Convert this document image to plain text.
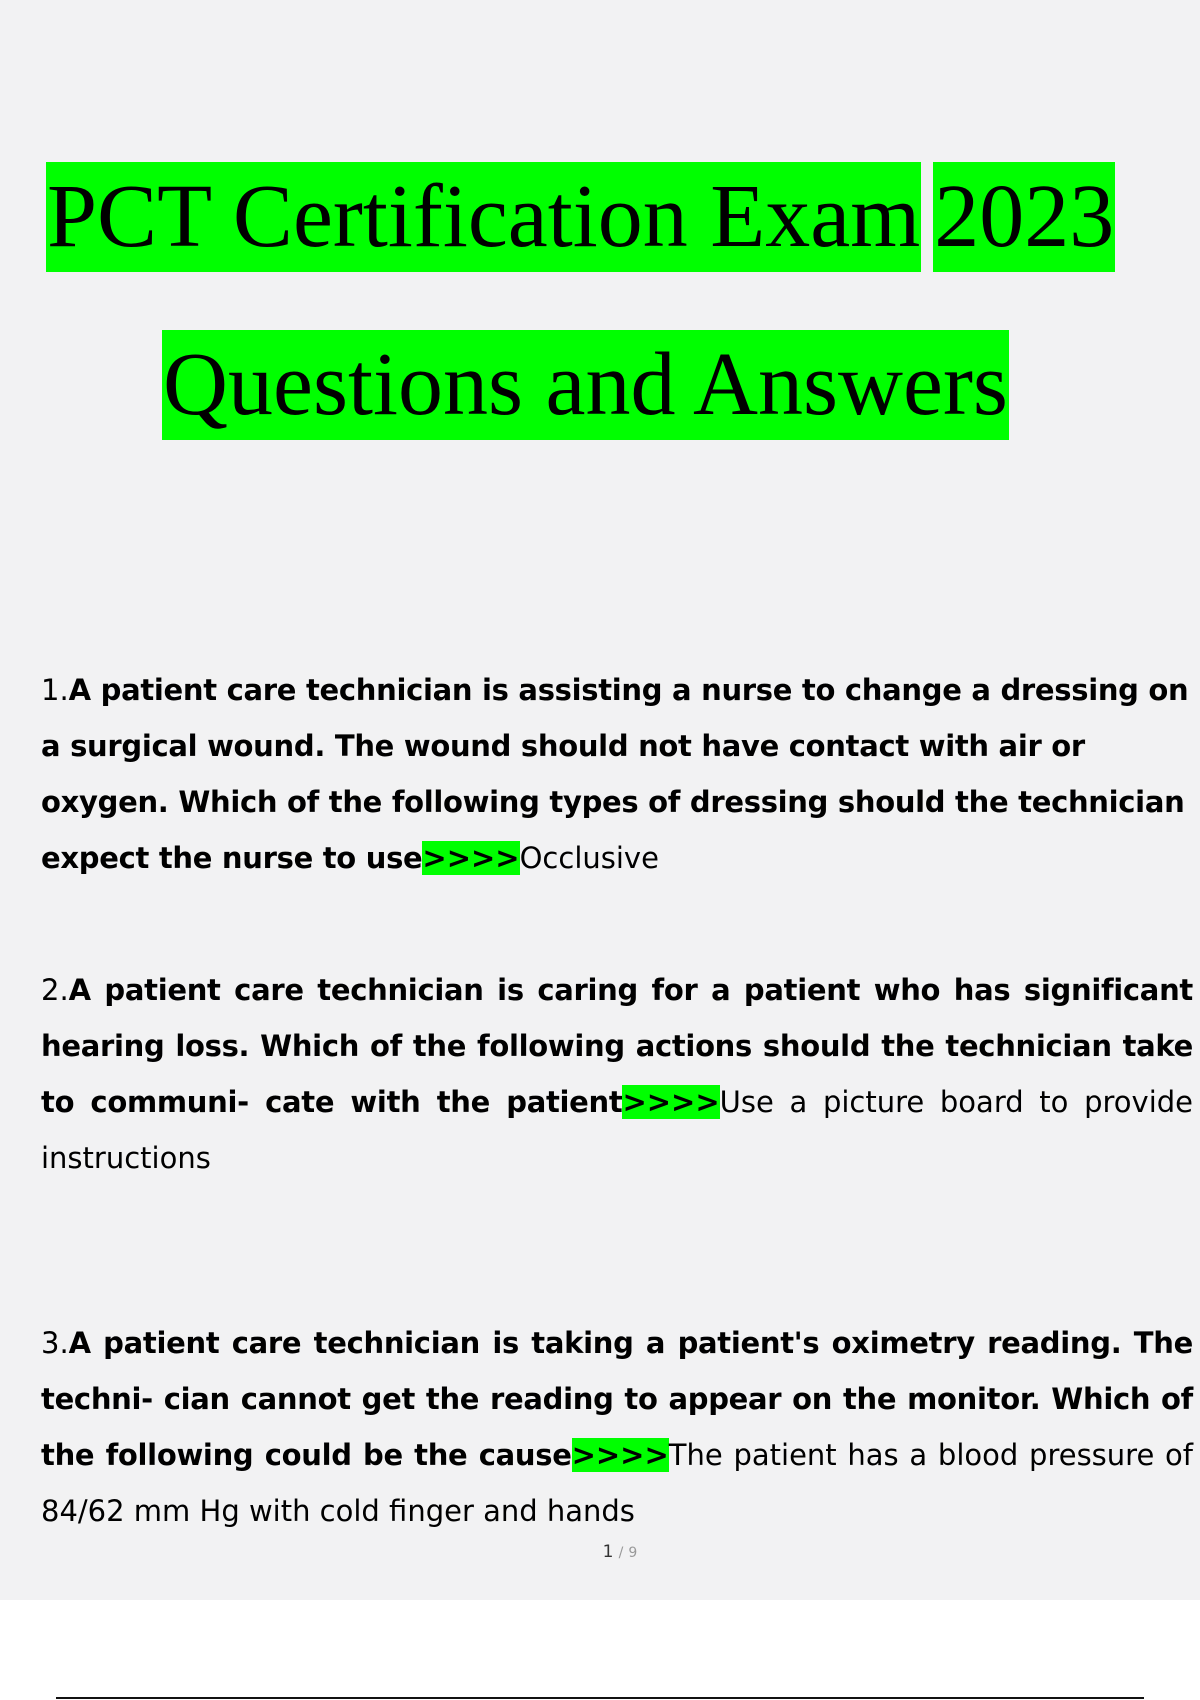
PCT Certification Exam 2023
Questions and Answers
1.A patient care technician is assisting a nurse to change a dressing on a surgical wound. The wound should not have contact with air or oxygen. Which of the following types of dressing should the technician expect the nurse to use>>>>Occlusive
2.A patient care technician is caring for a patient who has significant hearing loss. Which of the following actions should the technician take to communi- cate with the patient>>>>Use a picture board to provide instructions
3.A patient care technician is taking a patient's oximetry reading. The techni- cian cannot get the reading to appear on the monitor. Which of the following could be the cause>>>>The patient has a blood pressure of 84/62 mm Hg with cold finger and hands
1 / 9
